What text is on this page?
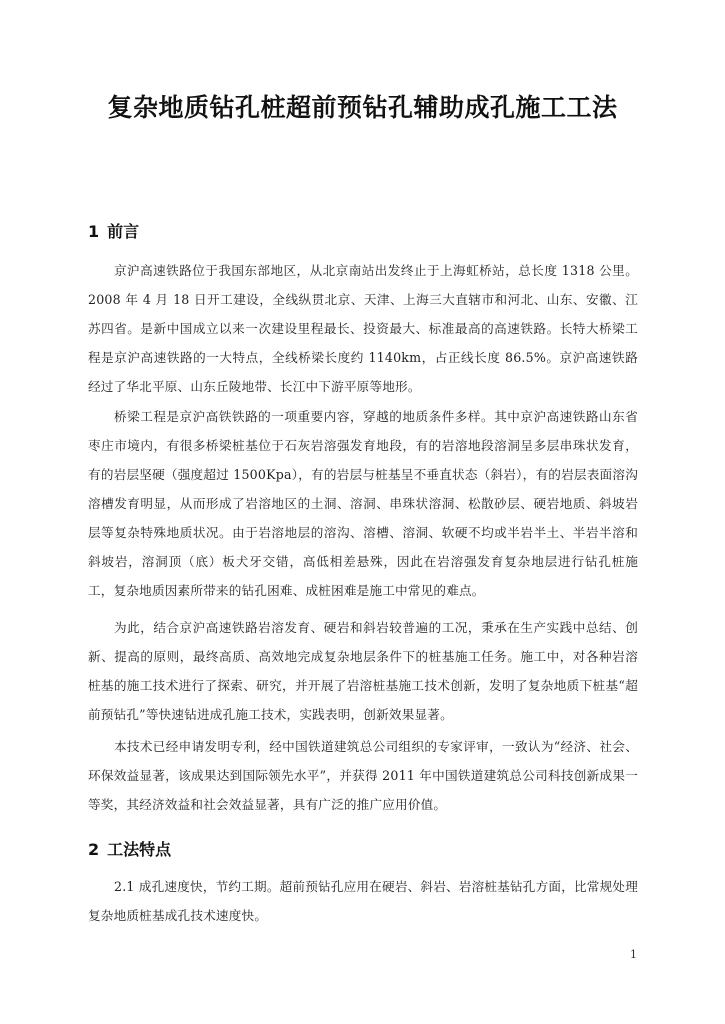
复杂地质钻孔桩超前预钻孔辅助成孔施工工法
1 前言

京沪高速铁路位于我国东部地区，从北京南站出发终止于上海虹桥站，总长度 1318 公里。2008 年 4 月 18 日开工建设，全线纵贯北京、天津、上海三大直辖市和河北、山东、安徽、江苏四省。是新中国成立以来一次建设里程最长、投资最大、标准最高的高速铁路。长特大桥梁工程是京沪高速铁路的一大特点，全线桥梁长度约 1140km，占正线长度 86.5%。京沪高速铁路经过了华北平原、山东丘陵地带、长江中下游平原等地形。

桥梁工程是京沪高铁铁路的一项重要内容，穿越的地质条件多样。其中京沪高速铁路山东省枣庄市境内，有很多桥梁桩基位于石灰岩溶强发育地段，有的岩溶地段溶洞呈多层串珠状发育，有的岩层坚硬（强度超过 1500Kpa），有的岩层与桩基呈不垂直状态（斜岩），有的岩层表面溶沟溶槽发育明显，从而形成了岩溶地区的土洞、溶洞、串珠状溶洞、松散砂层、硬岩地质、斜坡岩层等复杂特殊地质状况。由于岩溶地层的溶沟、溶槽、溶洞、软硬不均或半岩半土、半岩半溶和斜坡岩，溶洞顶（底）板犬牙交错，高低相差悬殊，因此在岩溶强发育复杂地层进行钻孔桩施工，复杂地质因素所带来的钻孔困难、成桩困难是施工中常见的难点。

为此，结合京沪高速铁路岩溶发育、硬岩和斜岩较普遍的工况，秉承在生产实践中总结、创新、提高的原则，最终高质、高效地完成复杂地层条件下的桩基施工任务。施工中，对各种岩溶桩基的施工技术进行了探索、研究，并开展了岩溶桩基施工技术创新，发明了复杂地质下桩基“超前预钻孔”等快速钻进成孔施工技术，实践表明，创新效果显著。

本技术已经申请发明专利，经中国铁道建筑总公司组织的专家评审，一致认为“经济、社会、环保效益显著，该成果达到国际领先水平”，并获得 2011 年中国铁道建筑总公司科技创新成果一等奖，其经济效益和社会效益显著，具有广泛的推广应用价值。

2 工法特点

2.1 成孔速度快，节约工期。超前预钻孔应用在硬岩、斜岩、岩溶桩基钻孔方面，比常规处理复杂地质桩基成孔技术速度快。

1
